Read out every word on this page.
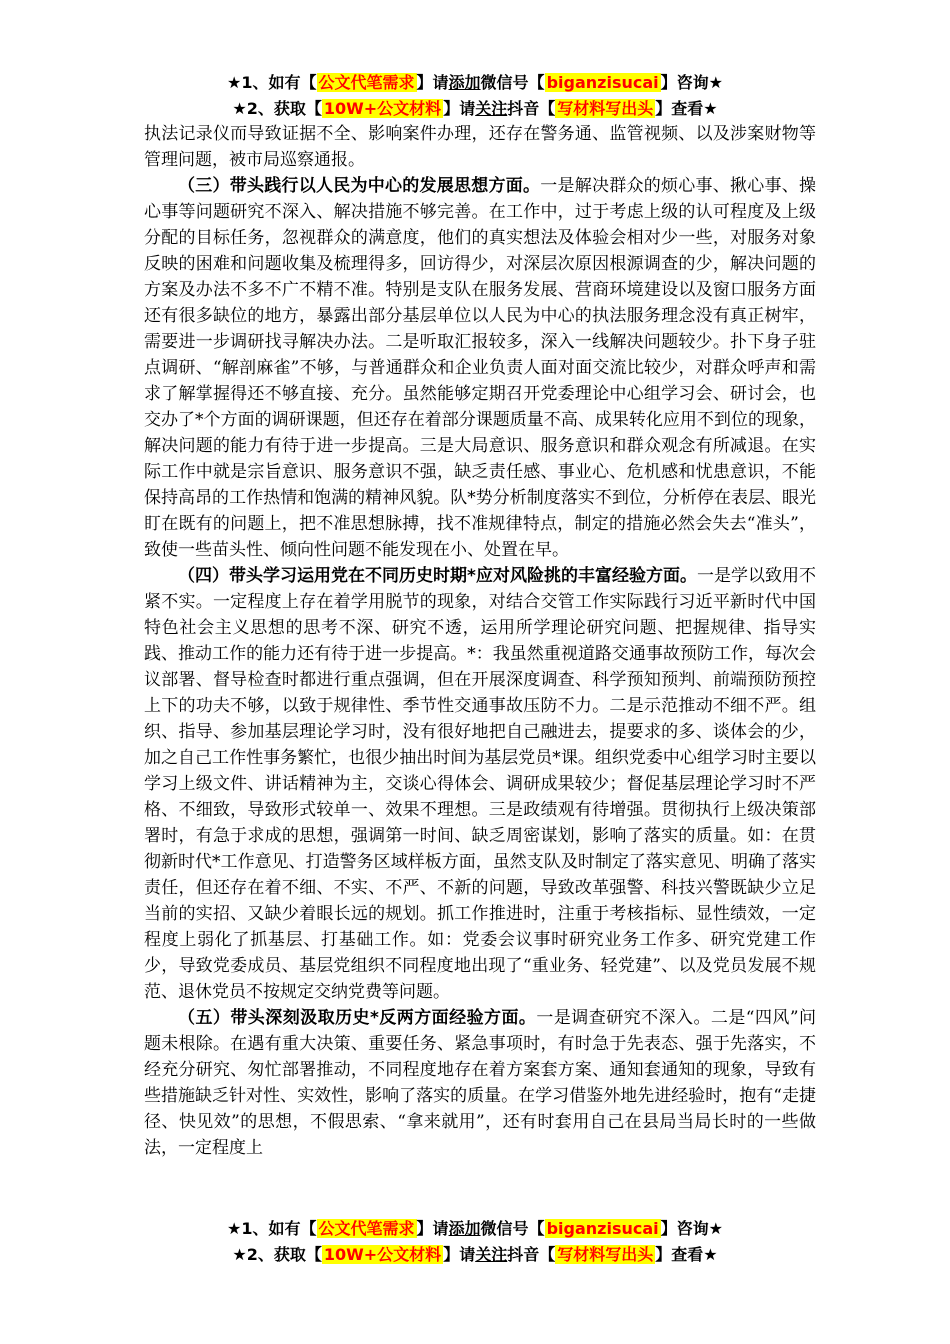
★1、如有【 公文代笔需求 】请添加微信号【 biganzisucai 】咨询★
★2、获取【 10W+公文材料 】请关注抖音【 写材料写出头 】查看★

执法记录仪而导致证据不全、影响案件办理，还存在警务通、监管视频、以及涉案财物等管理问题，被市局巡察通报。

（三）带头践行以人民为中心的发展思想方面。一是解决群众的烦心事、揪心事、操心事等问题研究不深入、解决措施不够完善。在工作中，过于考虑上级的认可程度及上级分配的目标任务，忽视群众的满意度，他们的真实想法及体验会相对少一些，对服务对象反映的困难和问题收集及梳理得多，回访得少，对深层次原因根源调查的少，解决问题的方案及办法不多不广不精不准。特别是支队在服务发展、营商环境建设以及窗口服务方面还有很多缺位的地方，暴露出部分基层单位以人民为中心的执法服务理念没有真正树牢，需要进一步调研找寻解决办法。二是听取汇报较多，深入一线解决问题较少。扑下身子驻点调研、“解剖麻雀”不够，与普通群众和企业负责人面对面交流比较少，对群众呼声和需求了解掌握得还不够直接、充分。虽然能够定期召开党委理论中心组学习会、研讨会，也交办了*个方面的调研课题，但还存在着部分课题质量不高、成果转化应用不到位的现象，解决问题的能力有待于进一步提高。三是大局意识、服务意识和群众观念有所减退。在实际工作中就是宗旨意识、服务意识不强，缺乏责任感、事业心、危机感和忧患意识，不能保持高昂的工作热情和饱满的精神风貌。队*势分析制度落实不到位，分析停在表层、眼光盯在既有的问题上，把不准思想脉搏，找不准规律特点，制定的措施必然会失去“准头”，致使一些苗头性、倾向性问题不能发现在小、处置在早。

（四）带头学习运用党在不同历史时期*应对风险挑的丰富经验方面。一是学以致用不紧不实。一定程度上存在着学用脱节的现象，对结合交管工作实际践行习近平新时代中国特色社会主义思想的思考不深、研究不透，运用所学理论研究问题、把握规律、指导实践、推动工作的能力还有待于进一步提高。*：我虽然重视道路交通事故预防工作，每次会议部署、督导检查时都进行重点强调，但在开展深度调查、科学预知预判、前端预防预控上下的功夫不够，以致于规律性、季节性交通事故压防不力。二是示范推动不细不严。组织、指导、参加基层理论学习时，没有很好地把自己融进去，提要求的多、谈体会的少，加之自己工作性事务繁忙，也很少抽出时间为基层党员*课。组织党委中心组学习时主要以学习上级文件、讲话精神为主，交谈心得体会、调研成果较少；督促基层理论学习时不严格、不细致，导致形式较单一、效果不理想。三是政绩观有待增强。贯彻执行上级决策部署时，有急于求成的思想，强调第一时间、缺乏周密谋划，影响了落实的质量。如：在贯彻新时代*工作意见、打造警务区域样板方面，虽然支队及时制定了落实意见、明确了落实责任，但还存在着不细、不实、不严、不新的问题，导致改革强警、科技兴警既缺少立足当前的实招、又缺少着眼长远的规划。抓工作推进时，注重于考核指标、显性绩效，一定程度上弱化了抓基层、打基础工作。如：党委会议事时研究业务工作多、研究党建工作少，导致党委成员、基层党组织不同程度地出现了“重业务、轻党建”、以及党员发展不规范、退休党员不按规定交纳党费等问题。

（五）带头深刻汲取历史*反两方面经验方面。一是调查研究不深入。二是“四风”问题未根除。在遇有重大决策、重要任务、紧急事项时，有时急于先表态、强于先落实，不经充分研究、匆忙部署推动，不同程度地存在着方案套方案、通知套通知的现象，导致有些措施缺乏针对性、实效性，影响了落实的质量。在学习借鉴外地先进经验时，抱有“走捷径、快见效”的思想，不假思索、“拿来就用”，还有时套用自己在县局当局长时的一些做法，一定程度上

★1、如有【 公文代笔需求 】请添加微信号【 biganzisucai 】咨询★
★2、获取【 10W+公文材料 】请关注抖音【 写材料写出头 】查看★
